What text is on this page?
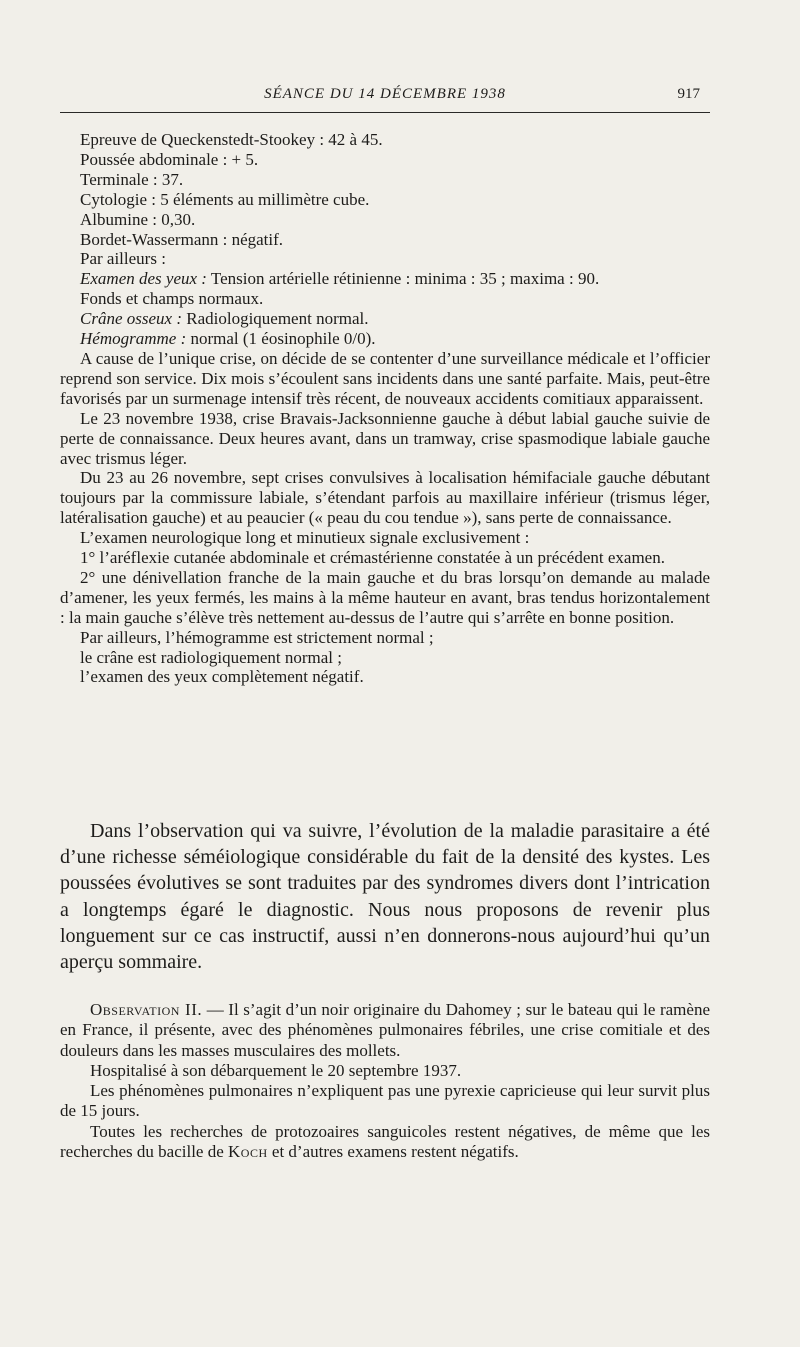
SÉANCE DU 14 DÉCEMBRE 1938	917

Epreuve de Queckenstedt-Stookey : 42 à 45.

Poussée abdominale : + 5.

Terminale : 37.

Cytologie : 5 éléments au millimètre cube.

Albumine : 0,30.

Bordet-Wassermann : négatif.

Par ailleurs :

Examen des yeux : Tension artérielle rétinienne : minima : 35 ; maxima : 90.

Fonds et champs normaux.

Crâne osseux : Radiologiquement normal.

Hémogramme : normal (1 éosinophile 0/0).

A cause de l’unique crise, on décide de se contenter d’une surveillance médicale et l’officier reprend son service. Dix mois s’écoulent sans incidents dans une santé parfaite. Mais, peut-être favorisés par un surmenage intensif très récent, de nouveaux accidents comitiaux apparaissent.

Le 23 novembre 1938, crise Bravais-Jacksonnienne gauche à début labial gauche suivie de perte de connaissance. Deux heures avant, dans un tramway, crise spasmodique labiale gauche avec trismus léger.

Du 23 au 26 novembre, sept crises convulsives à localisation hémifaciale gauche débutant toujours par la commissure labiale, s’étendant parfois au maxillaire inférieur (trismus léger, latéralisation gauche) et au peaucier (« peau du cou tendue »), sans perte de connaissance.

L’examen neurologique long et minutieux signale exclusivement :

1° l’aréflexie cutanée abdominale et crémastérienne constatée à un précédent examen.

2° une dénivellation franche de la main gauche et du bras lorsqu’on demande au malade d’amener, les yeux fermés, les mains à la même hauteur en avant, bras tendus horizontalement : la main gauche s’élève très nettement au-dessus de l’autre qui s’arrête en bonne position.

Par ailleurs, l’hémogramme est strictement normal ;

le crâne est radiologiquement normal ;

l’examen des yeux complètement négatif.

Dans l’observation qui va suivre, l’évolution de la maladie parasitaire a été d’une richesse séméiologique considérable du fait de la densité des kystes. Les poussées évolutives se sont traduites par des syndromes divers dont l’intrication a longtemps égaré le diagnostic. Nous nous proposons de revenir plus longuement sur ce cas instructif, aussi n’en donnerons-nous aujourd’hui qu’un aperçu sommaire.

Observation II. — Il s’agit d’un noir originaire du Dahomey ; sur le bateau qui le ramène en France, il présente, avec des phénomènes pulmonaires fébriles, une crise comitiale et des douleurs dans les masses musculaires des mollets.

Hospitalisé à son débarquement le 20 septembre 1937.

Les phénomènes pulmonaires n’expliquent pas une pyrexie capricieuse qui leur survit plus de 15 jours.

Toutes les recherches de protozoaires sanguicoles restent négatives, de même que les recherches du bacille de Koch et d’autres examens restent négatifs.
